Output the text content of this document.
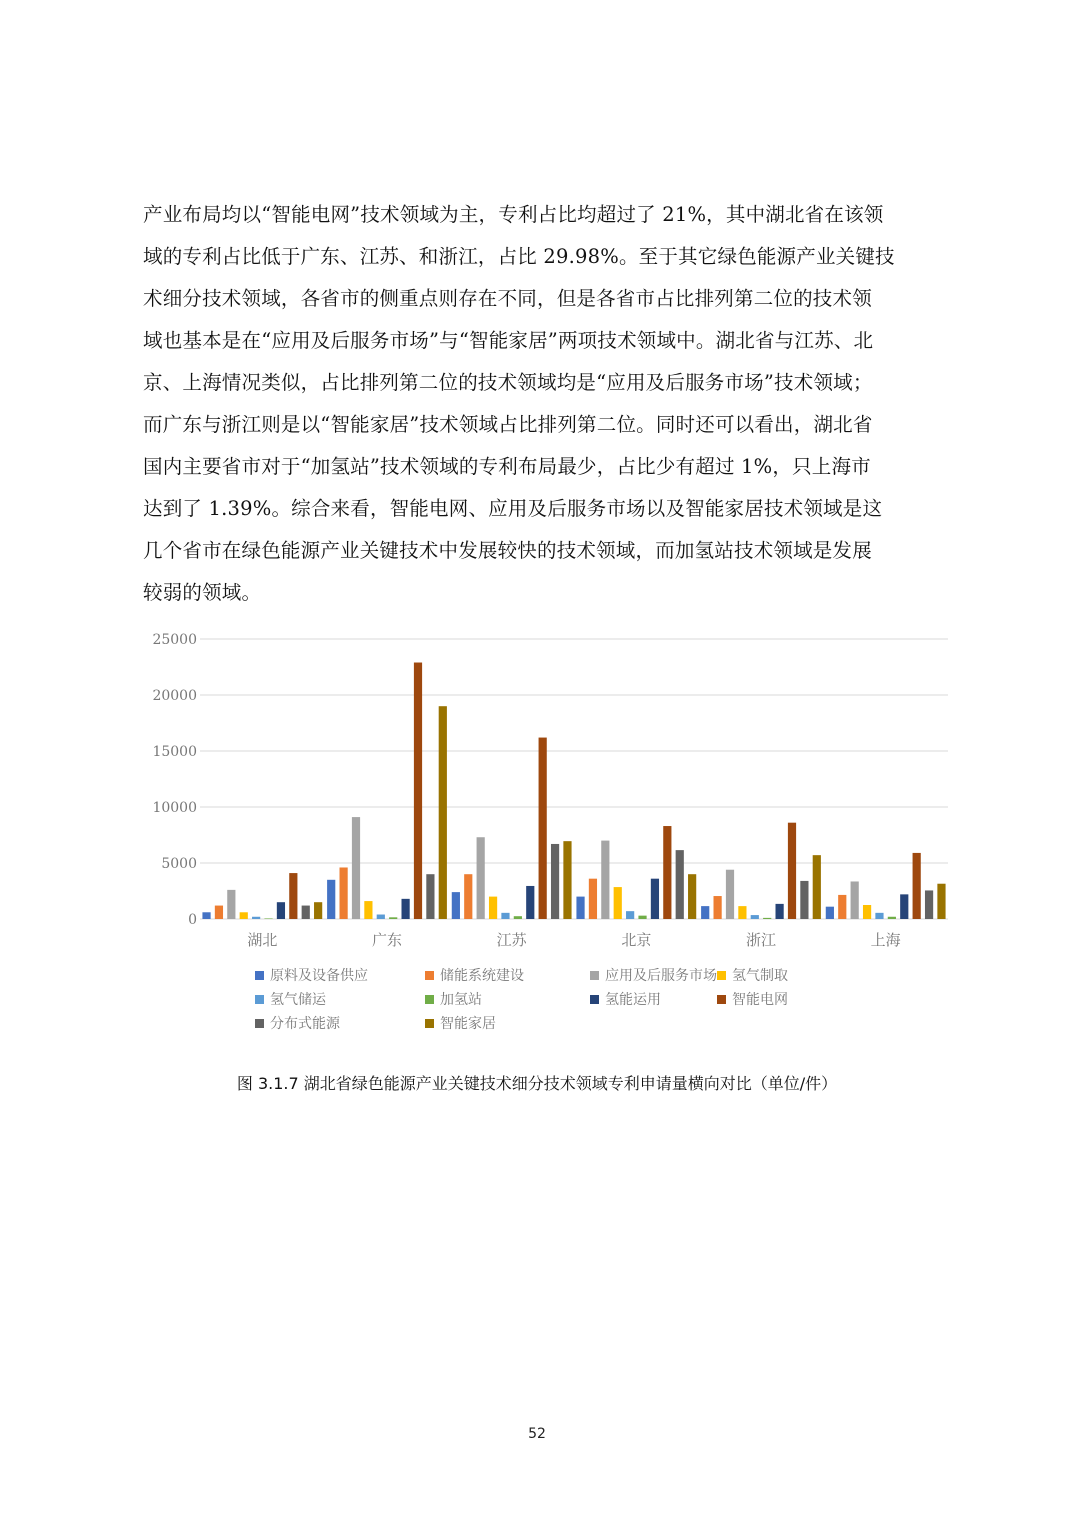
产业布局均以“智能电网”技术领域为主，专利占比均超过了 21%，其中湖北省在该领
域的专利占比低于广东、江苏、和浙江，占比 29.98%。至于其它绿色能源产业关键技
术细分技术领域，各省市的侧重点则存在不同，但是各省市占比排列第二位的技术领
域也基本是在“应用及后服务市场”与“智能家居”两项技术领域中。湖北省与江苏、北
京、上海情况类似，占比排列第二位的技术领域均是“应用及后服务市场”技术领域；
而广东与浙江则是以“智能家居”技术领域占比排列第二位。同时还可以看出，湖北省
国内主要省市对于“加氢站”技术领域的专利布局最少，占比少有超过 1%，只上海市
达到了 1.39%。综合来看，智能电网、应用及后服务市场以及智能家居技术领域是这
几个省市在绿色能源产业关键技术中发展较快的技术领域，而加氢站技术领域是发展
较弱的领域。
0
5000
10000
15000
20000
25000
湖北	广东	江苏	北京	浙江	上海
原料及设备供应	储能系统建设	应用及后服务市场 氢气制取
氢气储运	加氢站	氢能运用	智能电网
分布式能源	智能家居
图 3.1.7 湖北省绿色能源产业关键技术细分技术领域专利申请量横向对比（单位/件）
52
